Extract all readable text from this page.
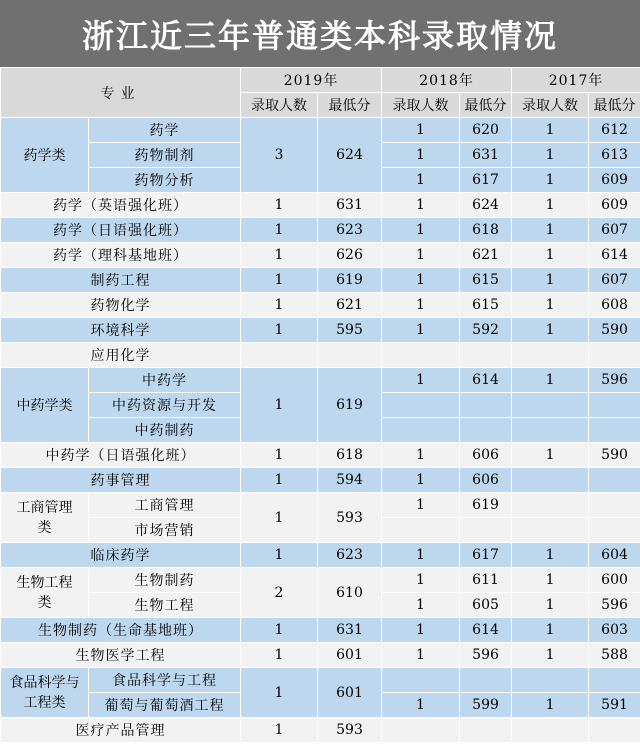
浙江近三年普通类本科录取情况
专业		2019年		2018年		2017年	
		录取人数	最低分	录取人数	最低分	录取人数	最低分
药学类	药学	3	624	1	620	1	612
	药物制剂			1	631	1	613
	药物分析			1	617	1	609
药学（英语强化班）		1	631	1	624	1	609
药学（日语强化班）		1	623	1	618	1	607
药学（理科基地班）		1	626	1	621	1	614
制药工程		1	619	1	615	1	607
药物化学		1	621	1	615	1	608
环境科学		1	595	1	592	1	590
应用化学							
中药学类	中药学	1	619	1	614	1	596
	中药资源与开发						
	中药制药						
中药学（日语强化班）		1	618	1	606	1	590
药事管理		1	594	1	606		
工商管理类	工商管理	1	593	1	619		
	市场营销						
临床药学		1	623	1	617	1	604
生物工程类	生物制药	2	610	1	611	1	600
	生物工程			1	605	1	596
生物制药（生命基地班）		1	631	1	614	1	603
生物医学工程		1	601	1	596	1	588
食品科学与工程类	食品科学与工程	1	601				
	葡萄与葡萄酒工程			1	599	1	591
医疗产品管理		1	593				
